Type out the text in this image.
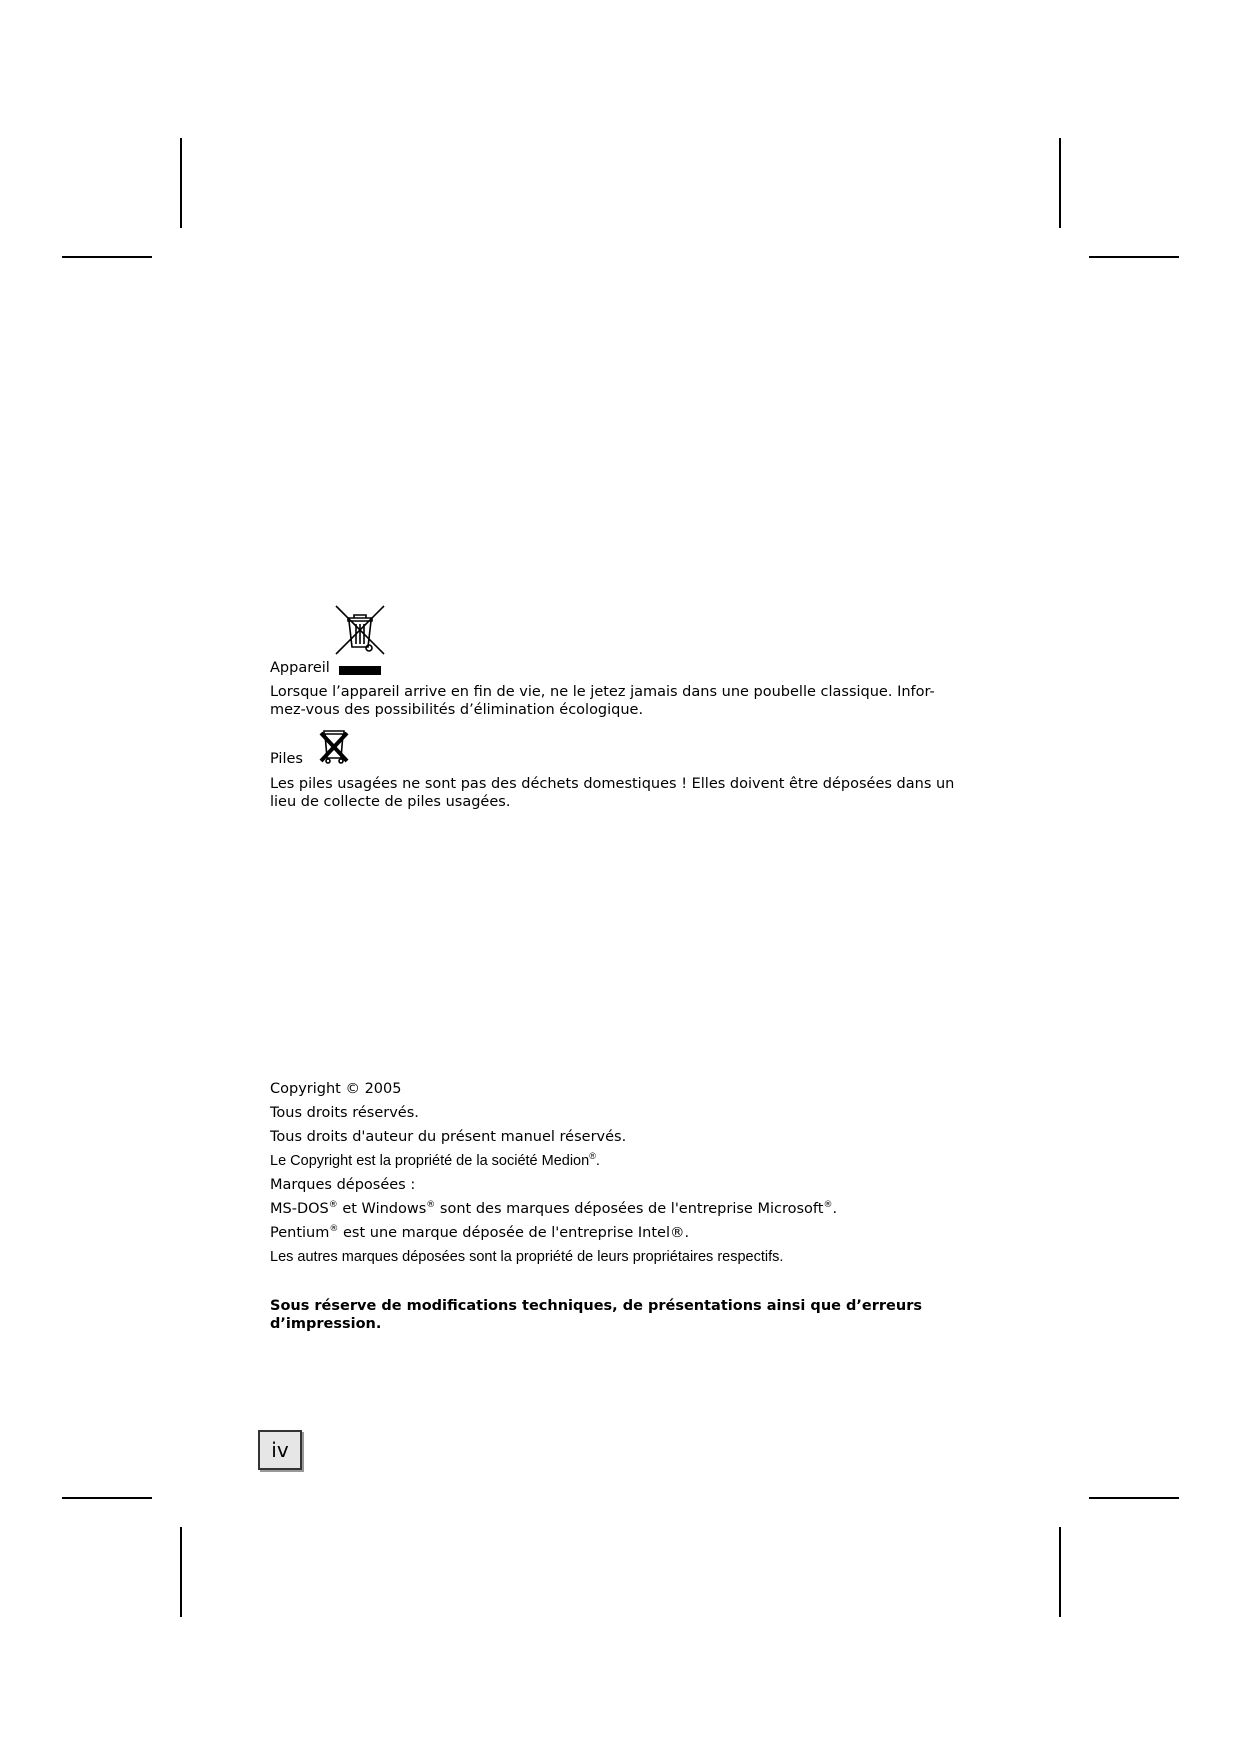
Appareil
Lorsque l’appareil arrive en fin de vie, ne le jetez jamais dans une poubelle classique. Infor-mez-vous des possibilités d’élimination écologique.
Piles
Les piles usagées ne sont pas des déchets domestiques ! Elles doivent être déposées dans un lieu de collecte de piles usagées.
Copyright © 2005
Tous droits réservés.
Tous droits d'auteur du présent manuel réservés.
Le Copyright est la propriété de la société Medion®.
Marques déposées :
MS-DOS® et Windows® sont des marques déposées de l'entreprise Microsoft®.
Pentium® est une marque déposée de l'entreprise Intel®.
Les autres marques déposées sont la propriété de leurs propriétaires respectifs.
Sous réserve de modifications techniques, de présentations ainsi que d’erreurs d’impression.
iv
